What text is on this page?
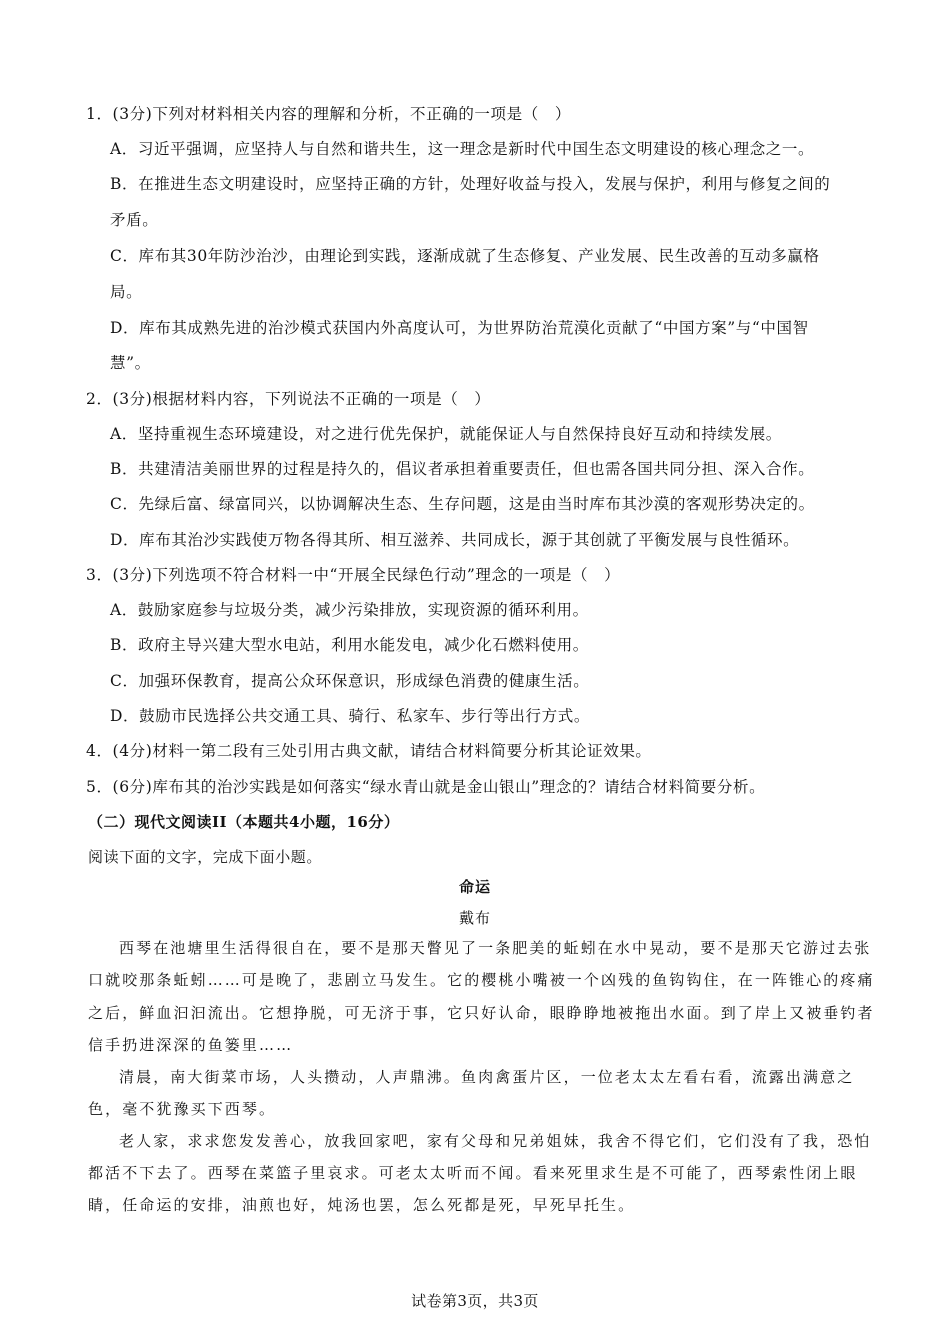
1．(3分)下列对材料相关内容的理解和分析，不正确的一项是（　）
A．习近平强调，应坚持人与自然和谐共生，这一理念是新时代中国生态文明建设的核心理念之一。
B．在推进生态文明建设时，应坚持正确的方针，处理好收益与投入，发展与保护，利用与修复之间的
矛盾。
C．库布其30年防沙治沙，由理论到实践，逐渐成就了生态修复、产业发展、民生改善的互动多赢格
局。
D．库布其成熟先进的治沙模式获国内外高度认可，为世界防治荒漠化贡献了“中国方案”与“中国智
慧”。
2．(3分)根据材料内容，下列说法不正确的一项是（　）
A．坚持重视生态环境建设，对之进行优先保护，就能保证人与自然保持良好互动和持续发展。
B．共建清洁美丽世界的过程是持久的，倡议者承担着重要责任，但也需各国共同分担、深入合作。
C．先绿后富、绿富同兴，以协调解决生态、生存问题，这是由当时库布其沙漠的客观形势决定的。
D．库布其治沙实践使万物各得其所、相互滋养、共同成长，源于其创就了平衡发展与良性循环。
3．(3分)下列选项不符合材料一中“开展全民绿色行动”理念的一项是（　）
A．鼓励家庭参与垃圾分类，减少污染排放，实现资源的循环利用。
B．政府主导兴建大型水电站，利用水能发电，减少化石燃料使用。
C．加强环保教育，提高公众环保意识，形成绿色消费的健康生活。
D．鼓励市民选择公共交通工具、骑行、私家车、步行等出行方式。
4．(4分)材料一第二段有三处引用古典文献，请结合材料简要分析其论证效果。
5．(6分)库布其的治沙实践是如何落实“绿水青山就是金山银山”理念的？请结合材料简要分析。
（二）现代文阅读II（本题共4小题，16分）
阅读下面的文字，完成下面小题。
命运
戴布
西琴在池塘里生活得很自在，要不是那天瞥见了一条肥美的蚯蚓在水中晃动，要不是那天它游过去张
口就咬那条蚯蚓……可是晚了，悲剧立马发生。它的樱桃小嘴被一个凶残的鱼钩钩住，在一阵锥心的疼痛
之后，鲜血汩汩流出。它想挣脱，可无济于事，它只好认命，眼睁睁地被拖出水面。到了岸上又被垂钓者
信手扔进深深的鱼篓里……
清晨，南大街菜市场，人头攒动，人声鼎沸。鱼肉禽蛋片区，一位老太太左看右看，流露出满意之
色，毫不犹豫买下西琴。
老人家，求求您发发善心，放我回家吧，家有父母和兄弟姐妹，我舍不得它们，它们没有了我，恐怕
都活不下去了。西琴在菜篮子里哀求。可老太太听而不闻。看来死里求生是不可能了，西琴索性闭上眼
睛，任命运的安排，油煎也好，炖汤也罢，怎么死都是死，早死早托生。
试卷第3页，共3页
